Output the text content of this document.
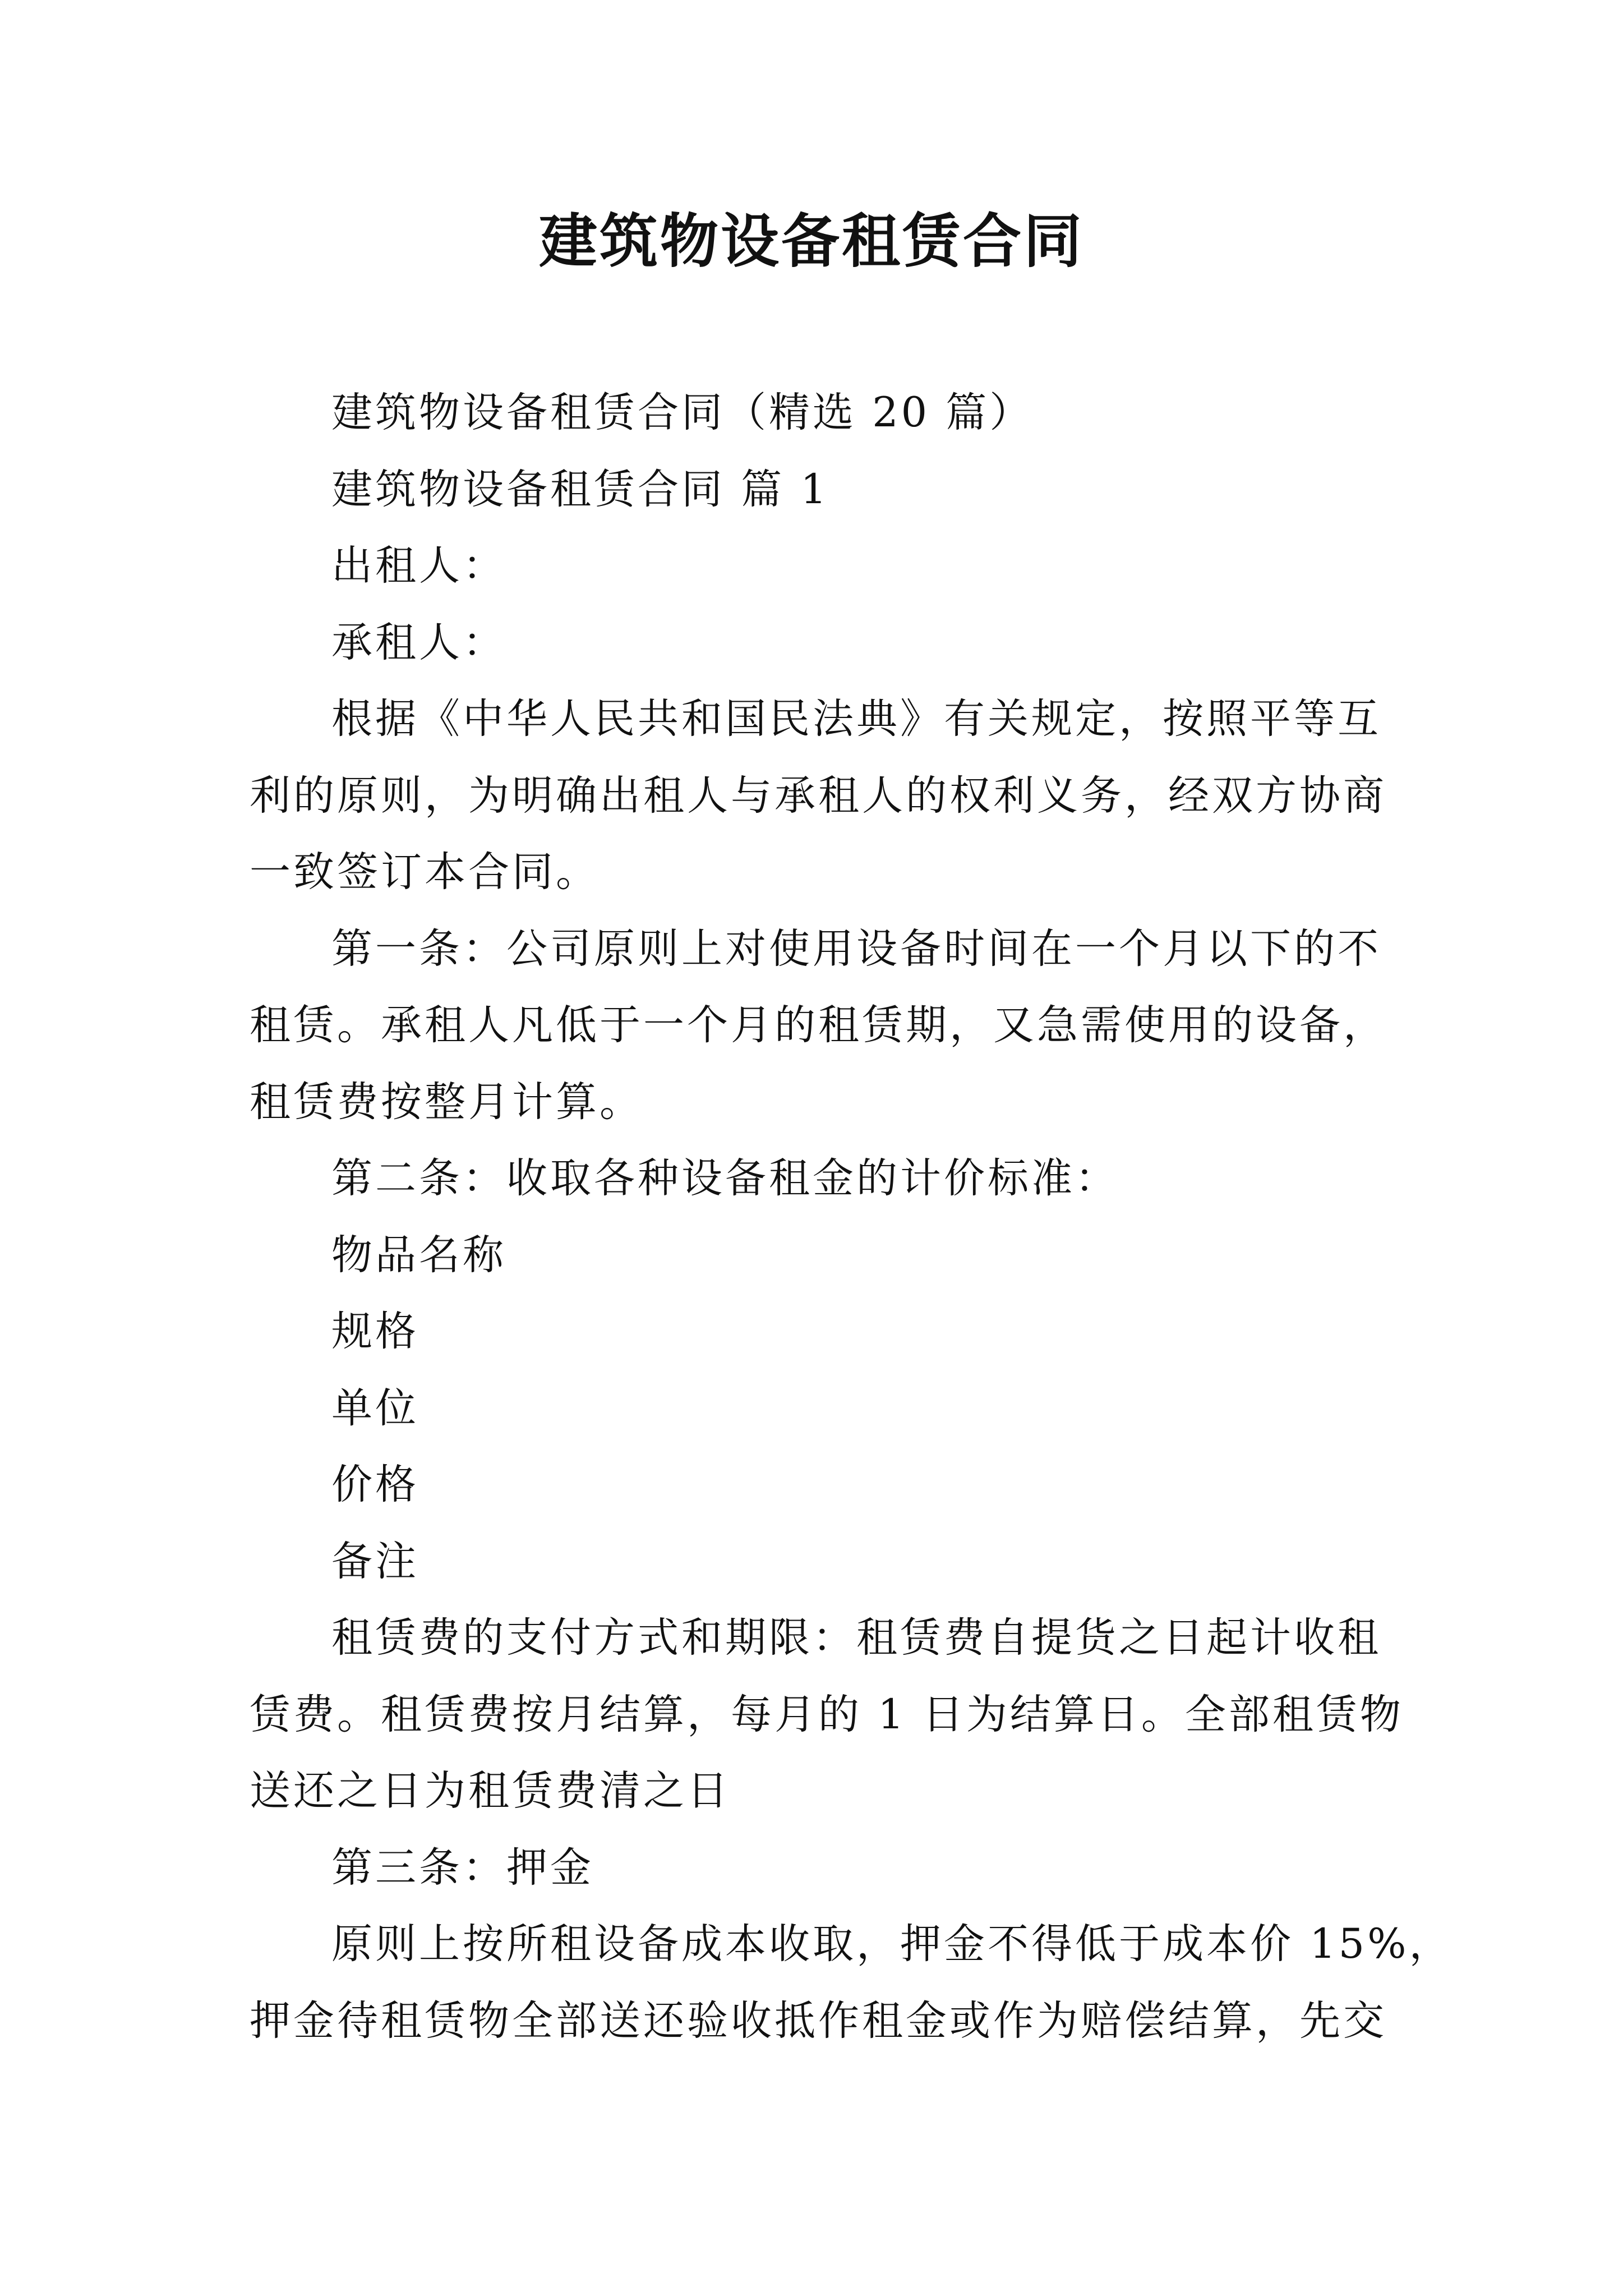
建筑物设备租赁合同
建筑物设备租赁合同（精选 20 篇）
建筑物设备租赁合同 篇 1
出租人：
承租人：
根据《中华人民共和国民法典》有关规定，按照平等互
利的原则，为明确出租人与承租人的权利义务，经双方协商
一致签订本合同。
第一条：公司原则上对使用设备时间在一个月以下的不
租赁。承租人凡低于一个月的租赁期，又急需使用的设备，
租赁费按整月计算。
第二条：收取各种设备租金的计价标准：
物品名称
规格
单位
价格
备注
租赁费的支付方式和期限：租赁费自提货之日起计收租
赁费。租赁费按月结算，每月的 1 日为结算日。全部租赁物
送还之日为租赁费清之日
第三条：押金
原则上按所租设备成本收取，押金不得低于成本价 15%，
押金待租赁物全部送还验收抵作租金或作为赔偿结算，先交
